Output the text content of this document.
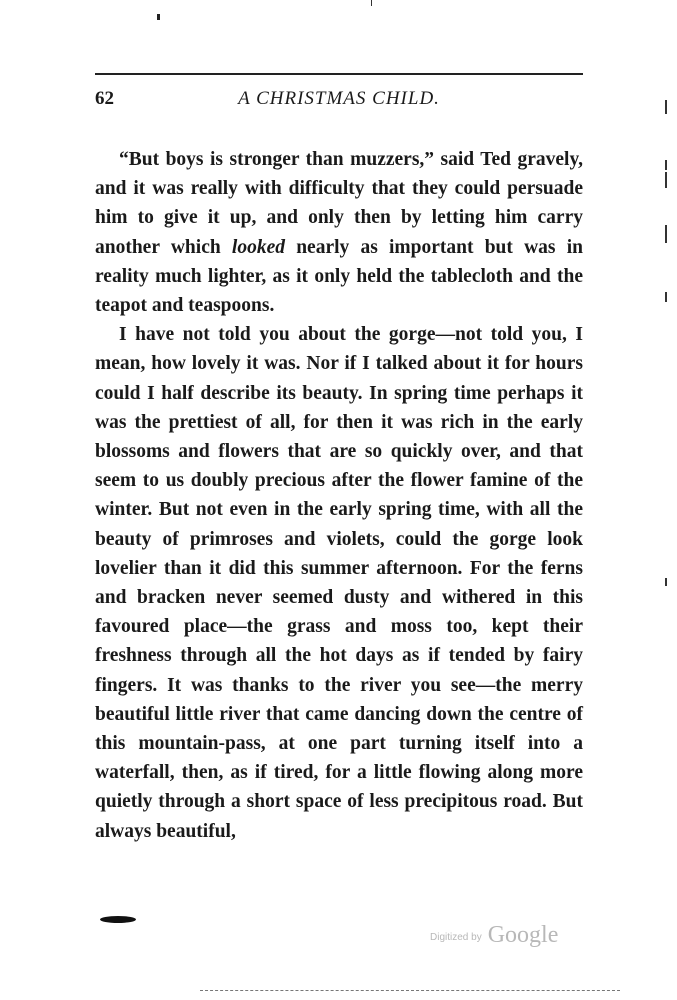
62	A CHRISTMAS CHILD.

“But boys is stronger than muzzers,” said Ted gravely, and it was really with difficulty that they could persuade him to give it up, and only then by letting him carry another which looked nearly as important but was in reality much lighter, as it only held the tablecloth and the teapot and teaspoons.

I have not told you about the gorge—not told you, I mean, how lovely it was. Nor if I talked about it for hours could I half describe its beauty. In spring time perhaps it was the prettiest of all, for then it was rich in the early blossoms and flowers that are so quickly over, and that seem to us doubly precious after the flower famine of the winter. But not even in the early spring time, with all the beauty of primroses and violets, could the gorge look lovelier than it did this summer afternoon. For the ferns and bracken never seemed dusty and withered in this favoured place—the grass and moss too, kept their freshness through all the hot days as if tended by fairy fingers. It was thanks to the river you see—the merry beautiful little river that came dancing down the centre of this mountain-pass, at one part turning itself into a waterfall, then, as if tired, for a little flowing along more quietly through a short space of less precipitous road. But always beautiful,

Digitized by Google
